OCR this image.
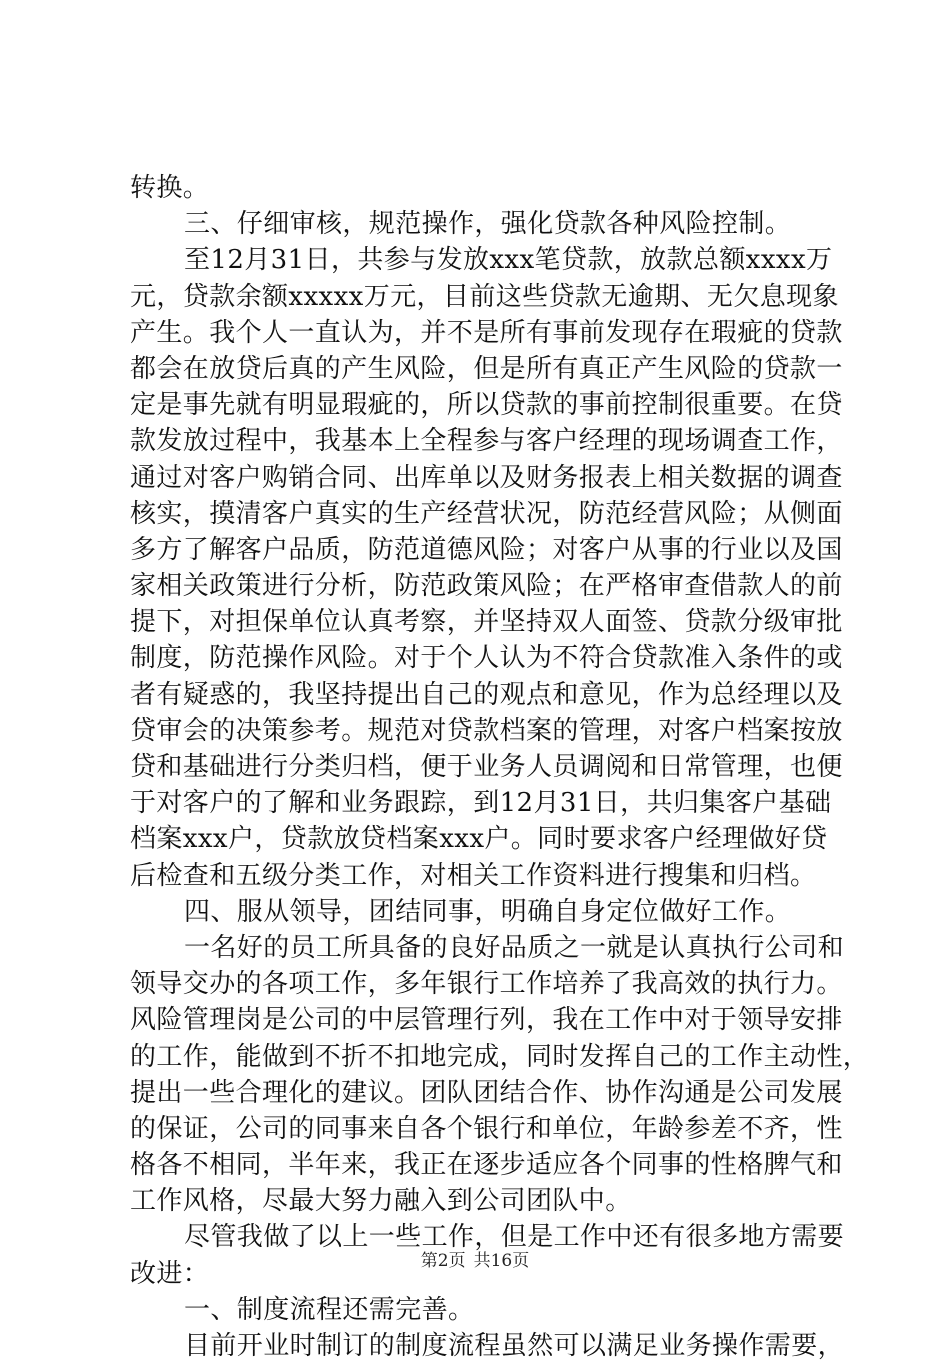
转换。
三、仔细审核，规范操作，强化贷款各种风险控制。
至12月31日，共参与发放xxx笔贷款，放款总额xxxx万
元，贷款余额xxxxx万元，目前这些贷款无逾期、无欠息现象
产生。我个人一直认为，并不是所有事前发现存在瑕疵的贷款
都会在放贷后真的产生风险，但是所有真正产生风险的贷款一
定是事先就有明显瑕疵的，所以贷款的事前控制很重要。在贷
款发放过程中，我基本上全程参与客户经理的现场调查工作，
通过对客户购销合同、出库单以及财务报表上相关数据的调查
核实，摸清客户真实的生产经营状况，防范经营风险；从侧面
多方了解客户品质，防范道德风险；对客户从事的行业以及国
家相关政策进行分析，防范政策风险；在严格审查借款人的前
提下，对担保单位认真考察，并坚持双人面签、贷款分级审批
制度，防范操作风险。对于个人认为不符合贷款准入条件的或
者有疑惑的，我坚持提出自己的观点和意见，作为总经理以及
贷审会的决策参考。规范对贷款档案的管理，对客户档案按放
贷和基础进行分类归档，便于业务人员调阅和日常管理，也便
于对客户的了解和业务跟踪，到12月31日，共归集客户基础
档案xxx户，贷款放贷档案xxx户。同时要求客户经理做好贷
后检查和五级分类工作，对相关工作资料进行搜集和归档。
四、服从领导，团结同事，明确自身定位做好工作。
一名好的员工所具备的良好品质之一就是认真执行公司和
领导交办的各项工作，多年银行工作培养了我高效的执行力。
风险管理岗是公司的中层管理行列，我在工作中对于领导安排
的工作，能做到不折不扣地完成，同时发挥自己的工作主动性，
提出一些合理化的建议。团队团结合作、协作沟通是公司发展
的保证，公司的同事来自各个银行和单位，年龄参差不齐，性
格各不相同，半年来，我正在逐步适应各个同事的性格脾气和
工作风格，尽最大努力融入到公司团队中。
尽管我做了以上一些工作，但是工作中还有很多地方需要
改进：
一、制度流程还需完善。
目前开业时制订的制度流程虽然可以满足业务操作需要，
第2页 共16页
